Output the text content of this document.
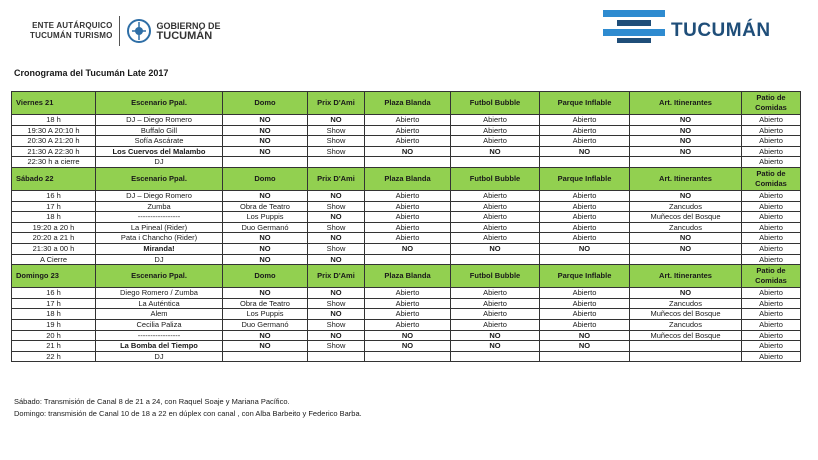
ENTE AUTÁRQUICO
TUCUMÁN TURISMO
GOBIERNO DE
TUCUMÁN	TUCUMÁN
Cronograma del Tucumán Late 2017
Viernes 21	Escenario Ppal.	Domo	Prix D'Ami	Plaza Blanda	Futbol Bubble	Parque Inflable	Art. Itinerantes	Patio de Comidas
18 h	DJ – Diego Romero	NO	NO	Abierto	Abierto	Abierto	NO	Abierto
19:30 A 20:10 h	Buffalo Gill	NO	Show	Abierto	Abierto	Abierto	NO	Abierto
20:30 A 21:20 h	Sofía Ascárate	NO	Show	Abierto	Abierto	Abierto	NO	Abierto
21:30 A 22:30 h	Los Cuervos del Malambo	NO	Show	NO	NO	NO	NO	Abierto
22:30 h a cierre	DJ							Abierto
Sábado 22	Escenario Ppal.	Domo	Prix D'Ami	Plaza Blanda	Futbol Bubble	Parque Inflable	Art. Itinerantes	Patio de Comidas
16 h	DJ – Diego Romero	NO	NO	Abierto	Abierto	Abierto	NO	Abierto
17 h	Zumba	Obra de Teatro	Show	Abierto	Abierto	Abierto	Zancudos	Abierto
18 h	-----------------	Los Puppis	NO	Abierto	Abierto	Abierto	Muñecos del Bosque	Abierto
19:20 a 20 h	La Pineal (Rider)	Duo Germanó	Show	Abierto	Abierto	Abierto	Zancudos	Abierto
20:20 a 21 h	Pata i Chancho (Rider)	NO	NO	Abierto	Abierto	Abierto	NO	Abierto
21:30 a 00 h	Miranda!	NO	Show	NO	NO	NO	NO	Abierto
A Cierre	DJ	NO	NO					Abierto
Domingo 23	Escenario Ppal.	Domo	Prix D'Ami	Plaza Blanda	Futbol Bubble	Parque Inflable	Art. Itinerantes	Patio de Comidas
16 h	Diego Romero / Zumba	NO	NO	Abierto	Abierto	Abierto	NO	Abierto
17 h	La Auténtica	Obra de Teatro	Show	Abierto	Abierto	Abierto	Zancudos	Abierto
18 h	Alem	Los Puppis	NO	Abierto	Abierto	Abierto	Muñecos del Bosque	Abierto
19 h	Cecilia Paliza	Duo Germanó	Show	Abierto	Abierto	Abierto	Zancudos	Abierto
20 h	-----------------	NO	NO	NO	NO	NO	Muñecos del Bosque	Abierto
21 h	La Bomba del Tiempo	NO	Show	NO	NO	NO		Abierto
22 h	DJ							Abierto
Sábado: Transmisión de Canal 8 de 21 a 24, con Raquel Soaje y Mariana Pacífico.
Domingo: transmisión de Canal 10 de 18 a 22 en dúplex con canal , con Alba Barbeito y Federico Barba.
